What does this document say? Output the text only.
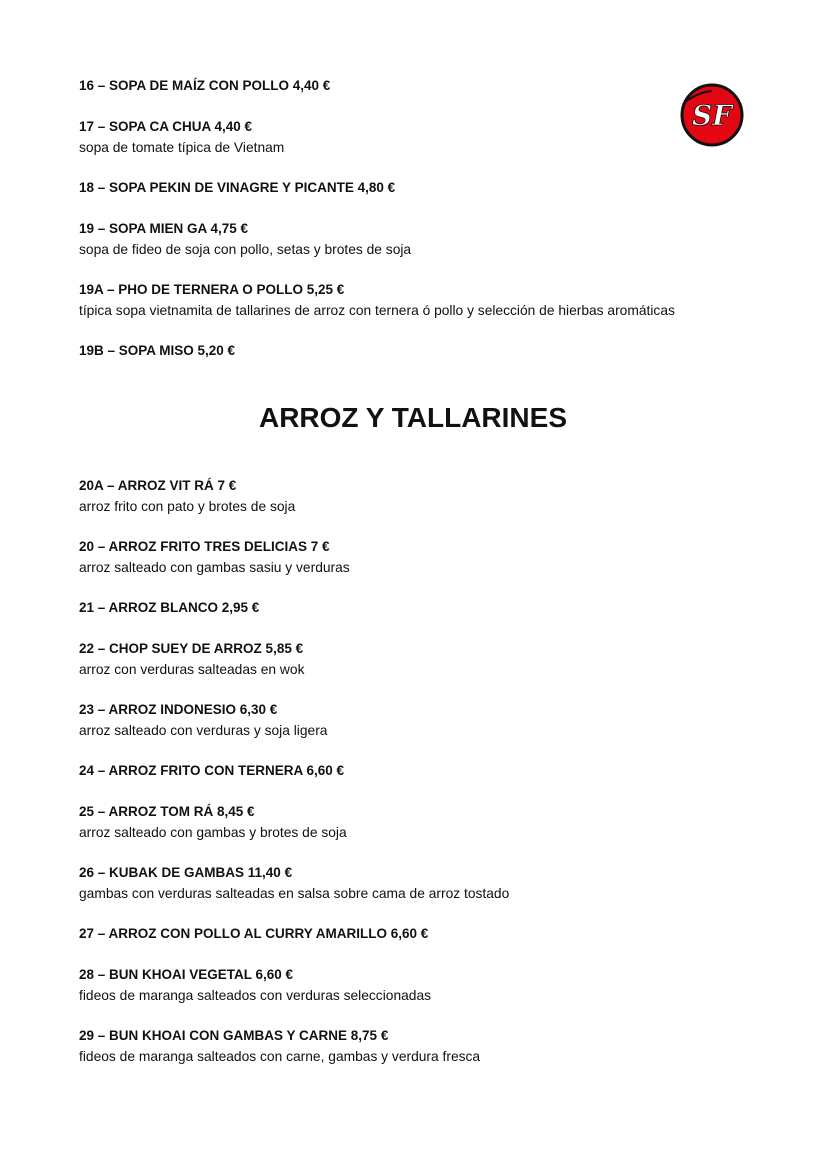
SF
16 – SOPA DE MAÍZ CON POLLO 4,40 €
17 – SOPA CA CHUA 4,40 €
sopa de tomate típica de Vietnam
18 – SOPA PEKIN DE VINAGRE Y PICANTE 4,80 €
19 – SOPA MIEN GA 4,75 €
sopa de fideo de soja con pollo, setas y brotes de soja
19A – PHO DE TERNERA O POLLO 5,25 €
típica sopa vietnamita de tallarines de arroz con ternera ó pollo y selección de hierbas aromáticas
19B – SOPA MISO 5,20 €
ARROZ Y TALLARINES
20A – ARROZ VIT RÁ 7 €
arroz frito con pato y brotes de soja
20 – ARROZ FRITO TRES DELICIAS 7 €
arroz salteado con gambas sasiu y verduras
21 – ARROZ BLANCO 2,95 €
22 – CHOP SUEY DE ARROZ 5,85 €
arroz con verduras salteadas en wok
23 – ARROZ INDONESIO 6,30 €
arroz salteado con verduras y soja ligera
24 – ARROZ FRITO CON TERNERA 6,60 €
25 – ARROZ TOM RÁ 8,45 €
arroz salteado con gambas y brotes de soja
26 – KUBAK DE GAMBAS 11,40 €
gambas con verduras salteadas en salsa sobre cama de arroz tostado
27 – ARROZ CON POLLO AL CURRY AMARILLO 6,60 €
28 – BUN KHOAI VEGETAL 6,60 €
fideos de maranga salteados con verduras seleccionadas
29 – BUN KHOAI CON GAMBAS Y CARNE 8,75 €
fideos de maranga salteados con carne, gambas y verdura fresca
